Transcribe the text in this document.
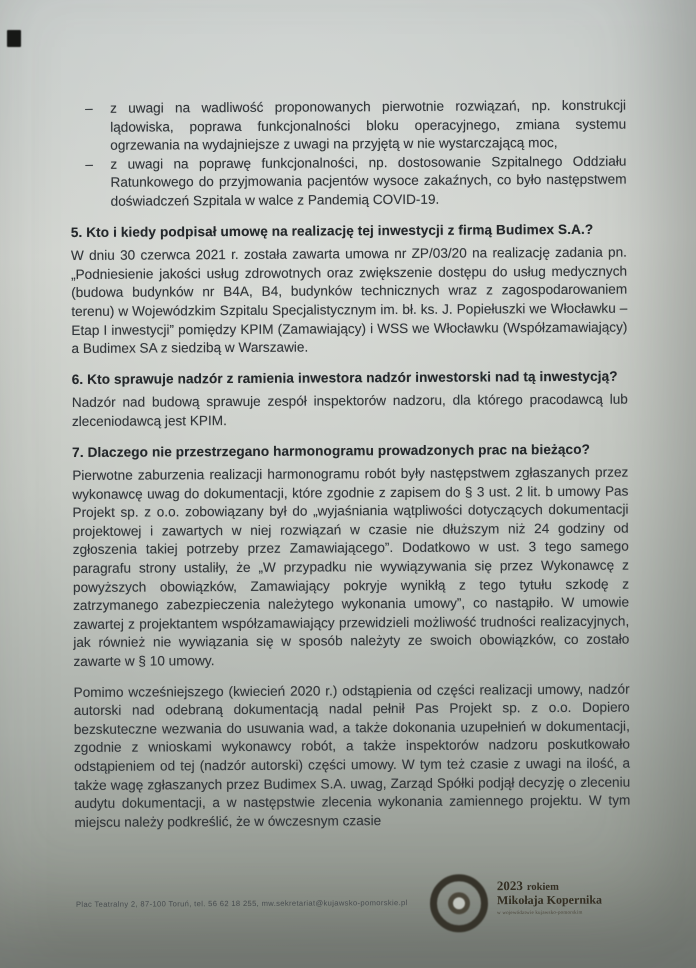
–	z uwagi na wadliwość proponowanych pierwotnie rozwiązań, np. konstrukcji lądowiska, poprawa funkcjonalności bloku operacyjnego, zmiana systemu ogrzewania na wydajniejsze z uwagi na przyjętą w nie wystarczającą moc,
–	z uwagi na poprawę funkcjonalności, np. dostosowanie Szpitalnego Oddziału Ratunkowego do przyjmowania pacjentów wysoce zakaźnych, co było następstwem doświadczeń Szpitala w walce z Pandemią COVID-19.
5. Kto i kiedy podpisał umowę na realizację tej inwestycji z firmą Budimex S.A.?

W dniu 30 czerwca 2021 r. została zawarta umowa nr ZP/03/20 na realizację zadania pn. „Podniesienie jakości usług zdrowotnych oraz zwiększenie dostępu do usług medycznych (budowa budynków nr B4A, B4, budynków technicznych wraz z zagospodarowaniem terenu) w Wojewódzkim Szpitalu Specjalistycznym im. bł. ks. J. Popiełuszki we Włocławku – Etap I inwestycji” pomiędzy KPIM (Zamawiający) i WSS we Włocławku (Współzamawiający) a Budimex SA z siedzibą w Warszawie.

6. Kto sprawuje nadzór z ramienia inwestora nadzór inwestorski nad tą inwestycją?

Nadzór nad budową sprawuje zespół inspektorów nadzoru, dla którego pracodawcą lub zleceniodawcą jest KPIM.

7. Dlaczego nie przestrzegano harmonogramu prowadzonych prac na bieżąco?

Pierwotne zaburzenia realizacji harmonogramu robót były następstwem zgłaszanych przez wykonawcę uwag do dokumentacji, które zgodnie z zapisem do § 3 ust. 2 lit. b umowy Pas Projekt sp. z o.o. zobowiązany był do „wyjaśniania wątpliwości dotyczących dokumentacji projektowej i zawartych w niej rozwiązań w czasie nie dłuższym niż 24 godziny od zgłoszenia takiej potrzeby przez Zamawiającego”. Dodatkowo w ust. 3 tego samego paragrafu strony ustaliły, że „W przypadku nie wywiązywania się przez Wykonawcę z powyższych obowiązków, Zamawiający pokryje wynikłą z tego tytułu szkodę z zatrzymanego zabezpieczenia należytego wykonania umowy”, co nastąpiło. W umowie zawartej z projektantem współzamawiający przewidzieli możliwość trudności realizacyjnych, jak również nie wywiązania się w sposób należyty ze swoich obowiązków, co zostało zawarte w § 10 umowy.

Pomimo wcześniejszego (kwiecień 2020 r.) odstąpienia od części realizacji umowy, nadzór autorski nad odebraną dokumentacją nadal pełnił Pas Projekt sp. z o.o. Dopiero bezskuteczne wezwania do usuwania wad, a także dokonania uzupełnień w dokumentacji, zgodnie z wnioskami wykonawcy robót, a także inspektorów nadzoru poskutkowało odstąpieniem od tej (nadzór autorski) części umowy. W tym też czasie z uwagi na ilość, a także wagę zgłaszanych przez Budimex S.A. uwag, Zarząd Spółki podjął decyzję o zleceniu audytu dokumentacji, a w następstwie zlecenia wykonania zamiennego projektu. W tym miejscu należy podkreślić, że w ówczesnym czasie

Plac Teatralny 2, 87-100 Toruń, tel. 56 62 18 255, mw.sekretariat@kujawsko-pomorskie.pl
2023 rokiem
Mikołaja Kopernika
w województwie kujawsko-pomorskim
